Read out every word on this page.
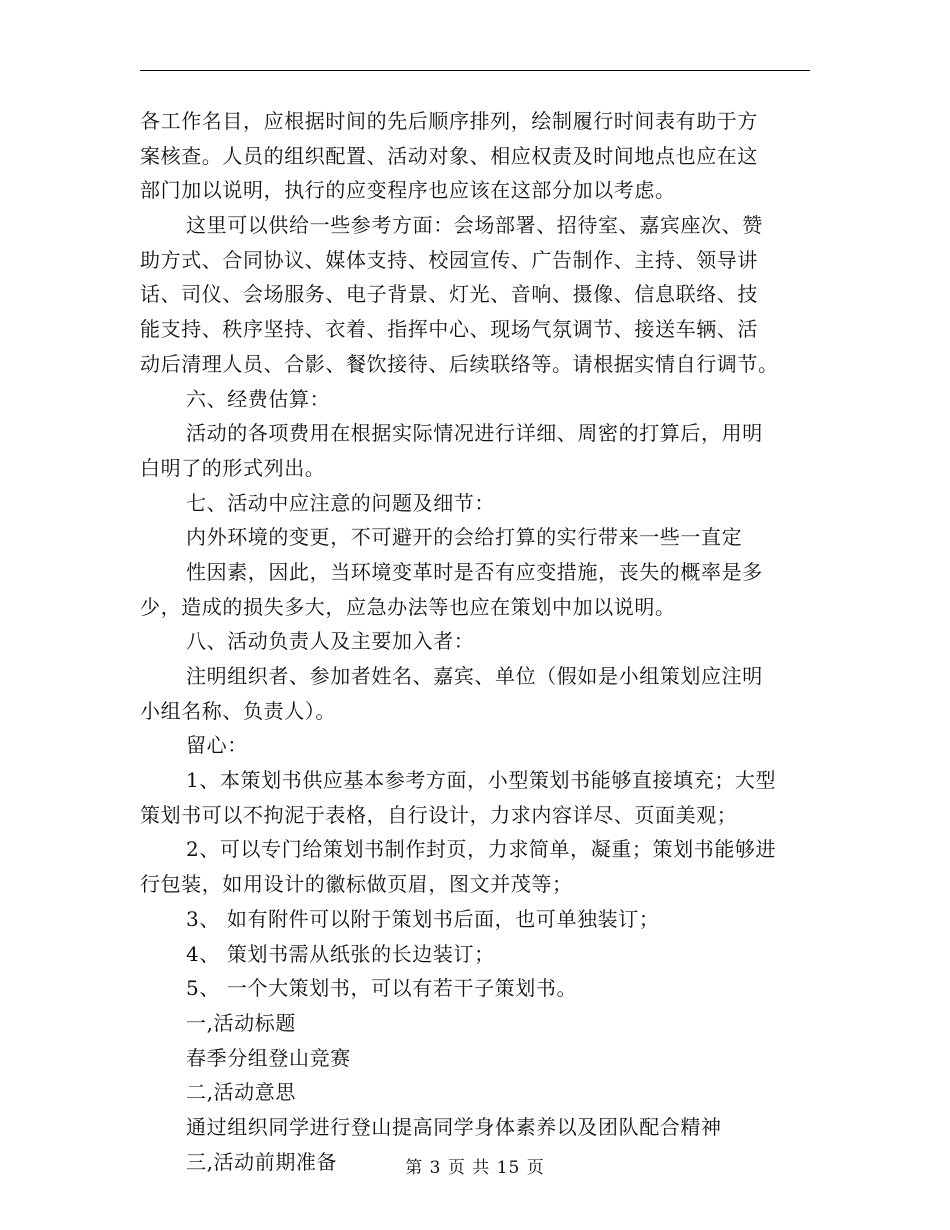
各工作名目，应根据时间的先后顺序排列，绘制履行时间表有助于方
案核查。人员的组织配置、活动对象、相应权责及时间地点也应在这
部门加以说明，执行的应变程序也应该在这部分加以考虑。
这里可以供给一些参考方面：会场部署、招待室、嘉宾座次、赞
助方式、合同协议、媒体支持、校园宣传、广告制作、主持、领导讲
话、司仪、会场服务、电子背景、灯光、音响、摄像、信息联络、技
能支持、秩序坚持、衣着、指挥中心、现场气氛调节、接送车辆、活
动后清理人员、合影、餐饮接待、后续联络等。请根据实情自行调节。
六、经费估算：
活动的各项费用在根据实际情况进行详细、周密的打算后，用明
白明了的形式列出。
七、活动中应注意的问题及细节：
内外环境的变更，不可避开的会给打算的实行带来一些一直定
性因素，因此，当环境变革时是否有应变措施，丧失的概率是多
少，造成的损失多大，应急办法等也应在策划中加以说明。
八、活动负责人及主要加入者：
注明组织者、参加者姓名、嘉宾、单位（假如是小组策划应注明
小组名称、负责人）。
留心：
1、本策划书供应基本参考方面，小型策划书能够直接填充；大型
策划书可以不拘泥于表格，自行设计，力求内容详尽、页面美观；
2、可以专门给策划书制作封页，力求简单，凝重；策划书能够进
行包装，如用设计的徽标做页眉，图文并茂等；
3、 如有附件可以附于策划书后面，也可单独装订；
4、 策划书需从纸张的长边装订；
5、 一个大策划书，可以有若干子策划书。
一,活动标题
春季分组登山竞赛
二,活动意思
通过组织同学进行登山提高同学身体素养以及团队配合精神
三,活动前期准备	第 3 页 共 15 页
